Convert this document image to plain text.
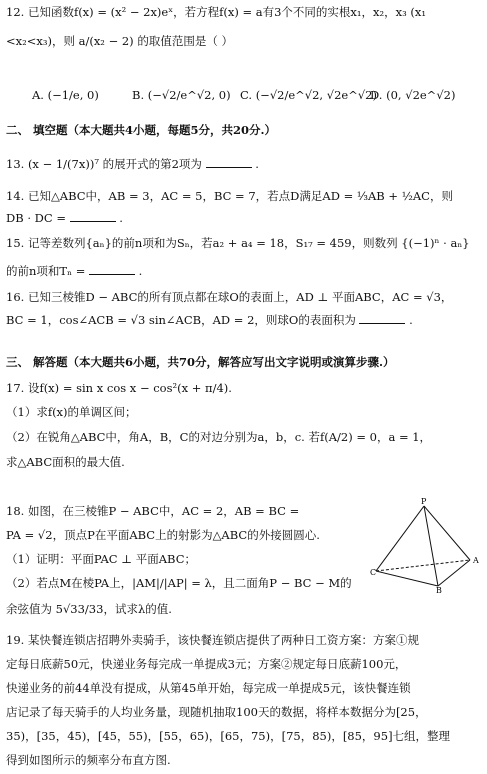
12. 已知函数f(x) = (x² − 2x)eˣ，若方程f(x) = a有3个不同的实根x₁，x₂，x₃ (x₁
<x₂<x₃)，则 a/(x₂ − 2) 的取值范围是（ ）
A. (−1/e, 0)	B. (−√2/e^√2, 0) C. (−√2/e^√2, √2e^√2)
D. (0, √2e^√2)
二、 填空题（本大题共4小题，每题5分，共20分.）
13. (x − 1/(7x))⁷ 的展开式的第2项为	.
14. 已知△ABC中，AB = 3，AC = 5，BC = 7，若点D满足AD = ⅓AB + ½AC，则
DB · DC =	.
15. 记等差数列{aₙ}的前n项和为Sₙ，若a₂ + a₄ = 18，S₁₇ = 459，则数列 {(−1)ⁿ · aₙ}
的前n项和Tₙ =	.
16. 已知三棱锥D − ABC的所有顶点都在球O的表面上，AD ⊥ 平面ABC，AC = √3，
BC = 1，cos∠ACB = √3 sin∠ACB，AD = 2，则球O的表面积为	.
三、 解答题（本大题共6小题，共70分，解答应写出文字说明或演算步骤.）
17. 设f(x) = sin x cos x − cos²(x + π/4).
（1）求f(x)的单调区间；
（2）在锐角△ABC中，角A，B，C的对边分别为a，b，c. 若f(A/2) = 0，a = 1，
求△ABC面积的最大值.
18. 如图，在三棱锥P − ABC中，AC = 2，AB = BC =
PA = √2，顶点P在平面ABC上的射影为△ABC的外接圆圆心.
（1）证明：平面PAC ⊥ 平面ABC；
（2）若点M在棱PA上，|AM|/|AP| = λ，且二面角P − BC − M的
余弦值为 5√33/33，试求λ的值.
P
A
B
C
19. 某快餐连锁店招聘外卖骑手，该快餐连锁店提供了两种日工资方案：方案①规
定每日底薪50元，快递业务每完成一单提成3元；方案②规定每日底薪100元，
快递业务的前44单没有提成，从第45单开始，每完成一单提成5元，该快餐连锁
店记录了每天骑手的人均业务量，现随机抽取100天的数据，将样本数据分为[25，
35)，[35，45)，[45，55)，[55，65)，[65，75)，[75，85)，[85，95]七组，整理
得到如图所示的频率分布直方图.
